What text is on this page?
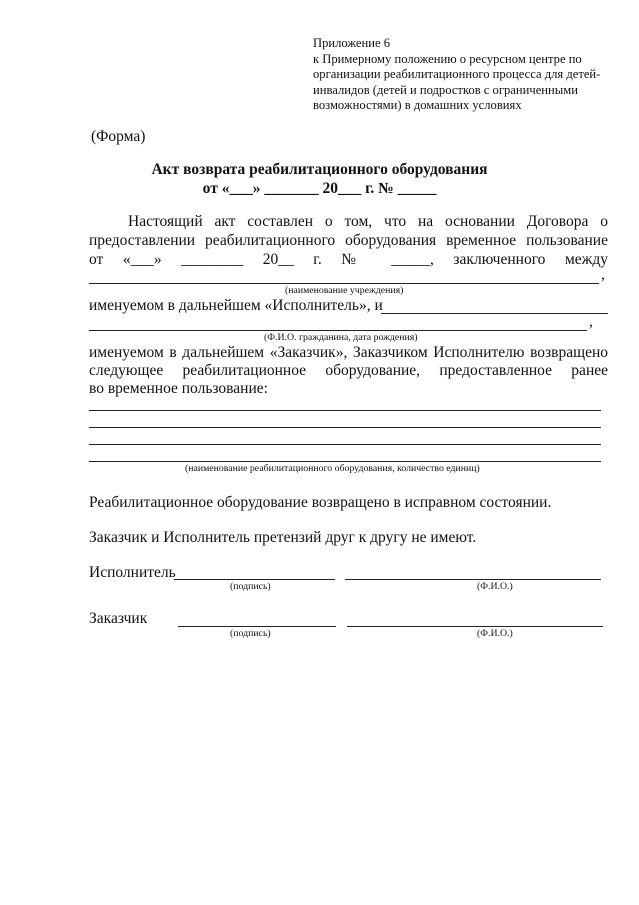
Приложение 6
к Примерному положению о ресурсном центре по
организации реабилитационного процесса для детей-
инвалидов (детей и подростков с ограниченными
возможностями) в домашних условиях
(Форма)
Акт возврата реабилитационного оборудования
от «___» _______ 20___ г. № _____
Настоящий акт составлен о том, что на основании Договора о
предоставлении реабилитационного оборудования временное пользование
от «___» ________ 20__ г. № _____, заключенного между
,
(наименование учреждения)
именуемом в дальнейшем «Исполнитель», и
,
(Ф.И.О. гражданина, дата рождения)
именуемом в дальнейшем «Заказчик», Заказчиком Исполнителю возвращено
следующее реабилитационное оборудование, предоставленное ранее
во временное пользование:
(наименование реабилитационного оборудования, количество единиц)
Реабилитационное оборудование возвращено в исправном состоянии.
Заказчик и Исполнитель претензий друг к другу не имеют.
Исполнитель
(подпись)	(Ф.И.О.)
Заказчик
(подпись)	(Ф.И.О.)
